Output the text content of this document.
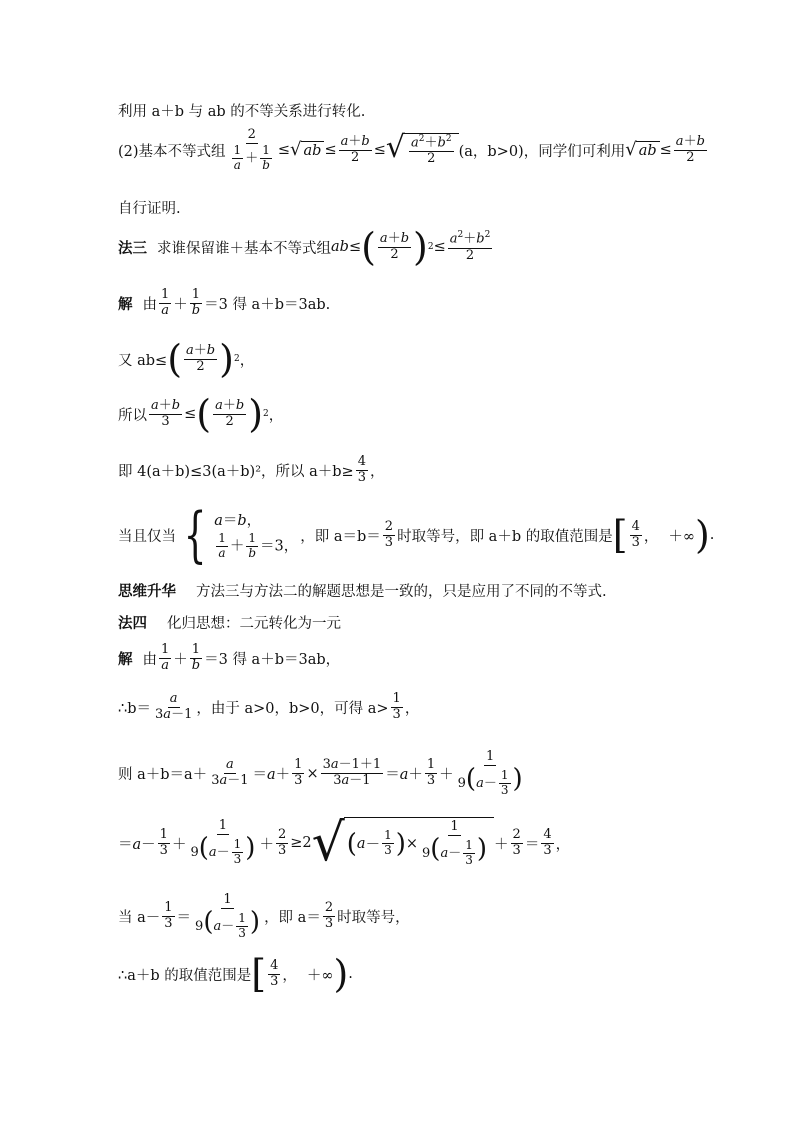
利用 a＋b 与 ab 的不等关系进行转化.
(2)基本不等式组 $\frac{2}{\frac{1}{a} + \frac{1}{b}}$ ≤ √ ab ≤ $\frac{a+b}{2}$ ≤ √ $\frac{a^2+b^2}{2} (a$，b>0)，同学们可利用 √ ab ≤ $\frac{a+b}{2}$
自行证明.
法三 求谁保留谁＋基本不等式组 ab ≤ ( $\frac{a+b}{2}$ ) $2 \le \frac{a^2+b^2}{2}$
解 由 $\frac{1}{a} + \frac{1}{b} =3$ 得 a＋b＝3ab.
又 ab≤ ( $\frac{a+b}{2}$ ) 2 ，
所以 $\frac{a+b}{3}$ ≤ ( $\frac{a+b}{2}$ ) 2 ，
即 4(a＋b)≤3(a＋b)²，所以 $a+b\ge \frac{4}{3}$ ，
当且仅当 { a＝b，
$\frac{1}{a} + \frac{1}{b} =3$，
，即 $a=b= \frac{2}{3}$ 时取等号，即 a＋b 的取值范围是 [ $\frac{4}{3}$ ， ＋∞ ) .
思维升华 方法三与方法二的解题思想是一致的，只是应用了不同的不等式.
法四 化归思想：二元转化为一元
解 由 $\frac{1}{a} + \frac{1}{b} =3$ 得 a＋b＝3ab，
∴b＝ $\frac{a}{3a-1}$ ，由于 a>0，b>0，可得 $a> \frac{1}{3}$ ，
则 $a+b=a+ \frac{a}{3a-1} =a+ \frac{1}{3} \times \frac{3a-1+1}{3a-1} =a+ \frac{1}{3} + \frac{1}{9(a- \frac{1}{3} )}$
$=a- \frac{1}{3} + \frac{1}{9(a- \frac{1}{3} )} + \frac{2}{3} \ge 2$ √ ( $a - \frac{1}{3}$ ) × $\frac{1}{9(a- \frac{1}{3} )} + \frac{2}{3} = \frac{4}{3}$ ，
当 $a- \frac{1}{3} = \frac{1}{9(a- \frac{1}{3} )}$ ，即 $a= \frac{2}{3}$ 时取等号，
∴a＋b 的取值范围是 [ $\frac{4}{3}$ ， ＋∞ ) .
